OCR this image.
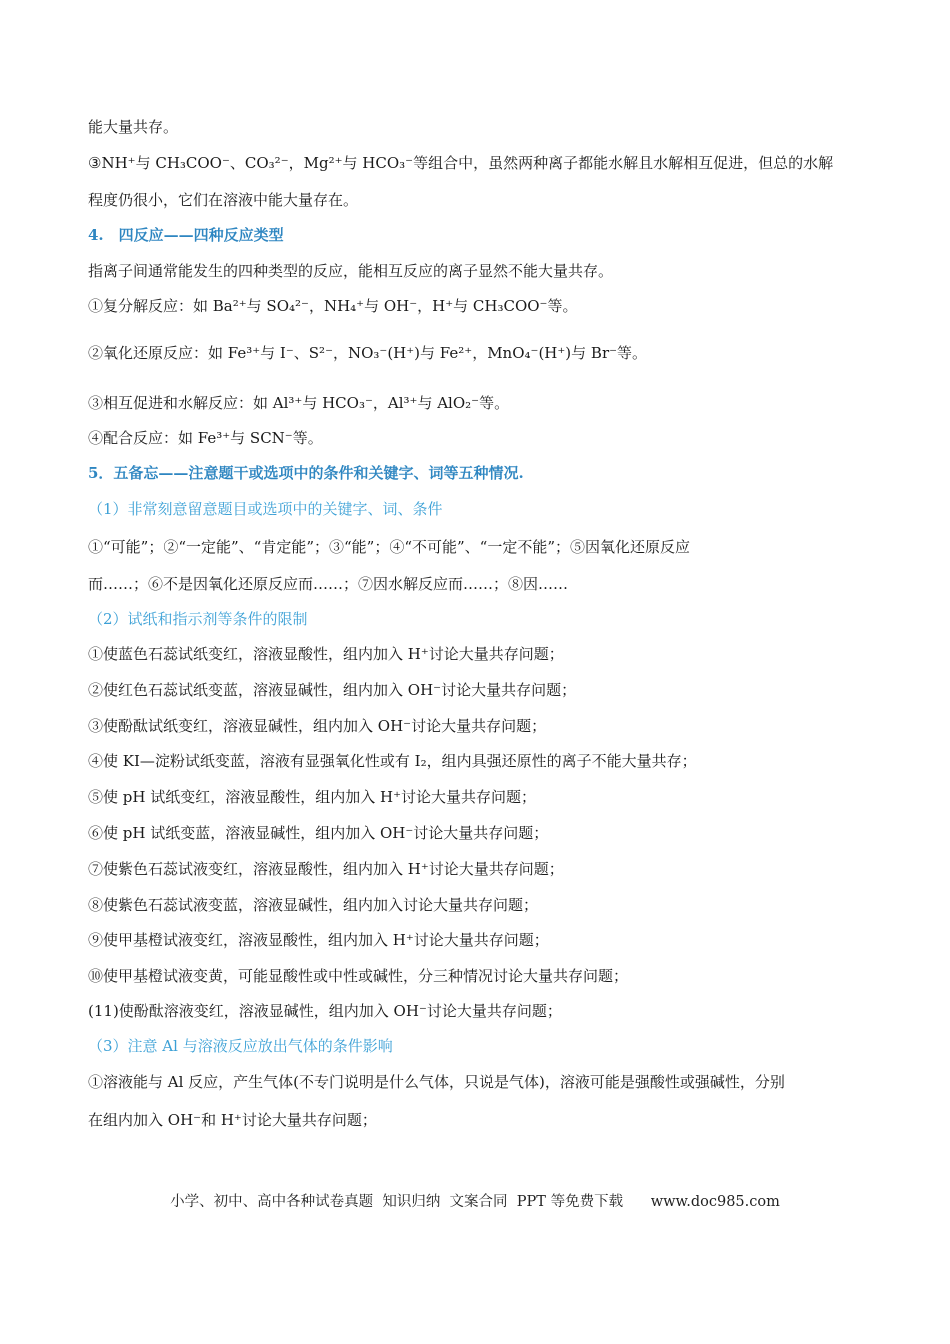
能大量共存。
③NH⁺与 CH₃COO⁻、CO₃²⁻，Mg²⁺与 HCO₃⁻等组合中，虽然两种离子都能水解且水解相互促进，但总的水解
程度仍很小，它们在溶液中能大量存在。
4.　四反应——四种反应类型
指离子间通常能发生的四种类型的反应，能相互反应的离子显然不能大量共存。
①复分解反应：如 Ba²⁺与 SO₄²⁻，NH₄⁺与 OH⁻，H⁺与 CH₃COO⁻等。
②氧化还原反应：如 Fe³⁺与 I⁻、S²⁻，NO₃⁻(H⁺)与 Fe²⁺，MnO₄⁻(H⁺)与 Br⁻等。
③相互促进和水解反应：如 Al³⁺与 HCO₃⁻，Al³⁺与 AlO₂⁻等。
④配合反应：如 Fe³⁺与 SCN⁻等。
5．五备忘——注意题干或选项中的条件和关键字、词等五种情况.
（1）非常刻意留意题目或选项中的关键字、词、条件
①“可能”；②“一定能”、“肯定能”；③“能”；④“不可能”、“一定不能”；⑤因氧化还原反应
而……；⑥不是因氧化还原反应而……；⑦因水解反应而……；⑧因……
（2）试纸和指示剂等条件的限制
①使蓝色石蕊试纸变红，溶液显酸性，组内加入 H⁺讨论大量共存问题；
②使红色石蕊试纸变蓝，溶液显碱性，组内加入 OH⁻讨论大量共存问题；
③使酚酞试纸变红，溶液显碱性，组内加入 OH⁻讨论大量共存问题；
④使 KI—淀粉试纸变蓝，溶液有显强氧化性或有 I₂，组内具强还原性的离子不能大量共存；
⑤使 pH 试纸变红，溶液显酸性，组内加入 H⁺讨论大量共存问题；
⑥使 pH 试纸变蓝，溶液显碱性，组内加入 OH⁻讨论大量共存问题；
⑦使紫色石蕊试液变红，溶液显酸性，组内加入 H⁺讨论大量共存问题；
⑧使紫色石蕊试液变蓝，溶液显碱性，组内加入讨论大量共存问题；
⑨使甲基橙试液变红，溶液显酸性，组内加入 H⁺讨论大量共存问题；
⑩使甲基橙试液变黄，可能显酸性或中性或碱性，分三种情况讨论大量共存问题；
(11)使酚酞溶液变红，溶液显碱性，组内加入 OH⁻讨论大量共存问题；
（3）注意 Al 与溶液反应放出气体的条件影响
①溶液能与 Al 反应，产生气体(不专门说明是什么气体，只说是气体)，溶液可能是强酸性或强碱性，分别
在组内加入 OH⁻和 H⁺讨论大量共存问题；
小学、初中、高中各种试卷真题  知识归纳  文案合同  PPT 等免费下载      www.doc985.com
